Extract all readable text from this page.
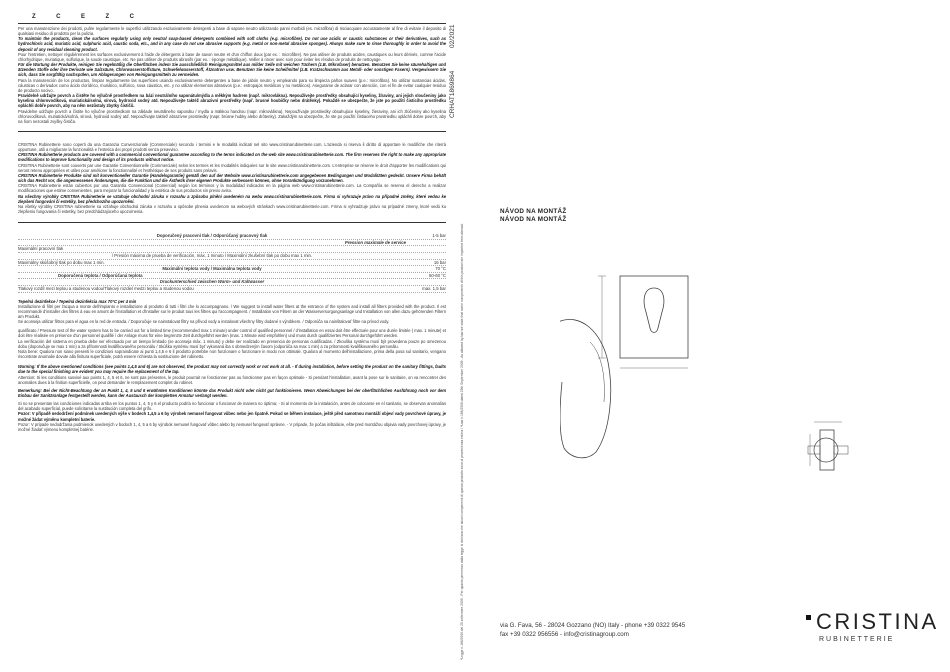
Z C E Z C

Per una manutenzione dei prodotti, pulire regolarmente le superfici utilizzando esclusivamente detergenti a base di sapone neutro utilizzando panni morbidi (es. microfibra) di risciacquare accuratamente al fine di evitare il deposito di qualsiasi residuo di prodotto per la pulizia.

To maintain the products, clean the surfaces regularly using only neutral soap-based detergents combined with soft cloths (e.g. microfibre). Do not use acidic or caustic substances or their derivatives, such as hydrochloric acid, muriatic acid, sulphuric acid, caustic soda, etc., and in any case do not use abrasive supports (e.g. metal or non-metal abrasive sponges). Always make sure to rinse thoroughly in order to avoid the deposit of any residual cleaning product.

Pour l'entretien, nettoyer régulièrement les surfaces exclusivement à l'aide de détergents à base de savon neutre et d'un chiffon doux (par ex. : microfibre). Ne pas utiliser de produits acides, caustiques ou leurs dérivés, comme l'acide chlorhydrique, muriatique, sulfurique, la soude caustique, etc. Ne pas utiliser de produits abrasifs (par ex. : éponge métallique). Veiller à rincer avec soin pour éviter les résidus de produits de nettoyage.

Für die Wartung der Produkte, reinigen Sie regelmäßig die Oberflächen indem Sie ausschließlich Reinigungsmittel aus milder Seife mit weichen Tüchern (z.B. Mikrofaser) benutzen. Benutzen Sie keine säurehaltigen und ätzenden Stoffe oder ihre Derivate wie Salzsäure, Chlorwasserstoffsäure, Schwefelwasserstoff, Ätznatron usw. Benutzen Sie keine Scheifmittel (z.B. Kratzschwamm aus Metall- oder sonstigen Fasern). Vergewissern Sie sich, dass Sie sorgfältig nachspülen, um Ablagerungen von Reinigungsmitteln zu vermeiden.

Para la manutención de los productos, limpiar regularmente las superficies usando exclusivamente detergentes a base de jabón neutro y empleando para su limpieza paños suaves (p.e.: microfibra). No utilizar sustancias ácidas, cáusticas o derivados como ácido clorídrico, muriático, sulfúrico, sosa cáustica, etc. y no utilizar elementos abrasivos (p.e.: estropajos metálicos y no metálicos). Asegurarse de aclarar con atención, con el fin de evitar cualquier residuo de producto nocivo.

Pravidelně udržujte povrch a čistěte ho výlučně prostředkem na bázi neutrálního saponátu/mýdla a měkkým hadrem (např. mikrovlákna). Nepoužívejte prostředky obsahující kyseliny, žíraviny, ani jejich sloučeniny jako kyselina chlorovodíková, muriatická/solná, sírová, hydroxid sodný atd. Nepoužívejte taktéž abrazivní prostředky (např. brusné houbičky nebo drátěnky). Pokaždé se ubezpečte, že jste po použití čisticího prostředku opláchli dobře povrch, aby na něm nezůstaly zbytky čističů.

Pravidelne udržujte povrch a čistite ho výlučne prostriedkom na základe neutrálneho saponátu / mydla a mäkkou handrou (napr. mikrovlákna). Nepoužívajte prostriedky obsahujúce kyseliny, žieraviny, ani ich zlúčeniny ako kyselina chlorovodíková, muriatická/soľná, sírová, hydroxid sodný atď. Nepoužívajte taktiež abrazívne prostriedky (napr. brúsne hubky alebo drôtenky). Zakaždým sa ubezpečte, že ste po použití čistiaceho prostriedku opláchli dobre povrch, aby na ňom nezostali zvyšky čističa.

CRISTINA Rubinetterie sono coperti da una Garanzia Convenzionale (Commerciale) secondo i termini e le modalità indicati nel sito www.cristinarubinetterie.com. L'azienda si riserva il diritto di apportare le modifiche che riterrà opportune, utili a migliorare la funzionalità e l'estetica dei propri prodotti senza preavviso.

CRISTINA Rubinetterie products are covered with a commercial conventional guarantee according to the terms indicated on the web site www.cristinarubinetterie.com. The firm reserves the right to make any appropriate modifications to improve functionality and design of its products without notice.

CRISTINA Rubinetterie sont couverts par une Garantie Conventionnelle (Commerciale) selon les termes et les modalités indiquées sur le site www.cristinarubinetterie.com. L'entreprise se réserve le droit d'apporter les modifications qui seront retenu appropriées et utiles pour améliorer la fonctionnalité et l'esthétique de ses produits sans préavis.

CRISTINA Rubinetterie Produkte sind mit konventioneller Garantie (Handelsgarantie) gemäß den auf der Website www.cristinarubinetterie.com angegebenen Bedingungen und Modalitäten gedeckt. Unsere Firma behält sich das Recht vor, die angemessenen Änderungen, die die Funktion und die Ästhetik ihrer eigenen Produkte verbessern können, ohne Vorankündigung vorzunehmen.

CRISTINA Rubinetterie están cubiertos por una Garantía Convencional (Comercial) según los términos y la modalidad indicados en la página web www.cristinarubinetterie.com. La Compañía se reserva el derecho a realizar modificaciones que estime convenientes, para mejorar la funcionalidad y la estética de sus productos sin previo aviso.

Na všechny výrobky CRISTINA Rubinetterie se vztahuje obchodní záruka v rozsahu a způsobu plnění uvedeném na webu www.cristinarubinetterie.com. Firma si vyhrazuje právo na případné změny, které vedou ke zlepšení fungování či estetiky, bez předchozího upozornění.

Na všetky výrobky CRISTINA rubinetterie sa vzťahuje obchodná záruka v rozsahu a spôsobe plnenia uvedenom na webových stránkach www.cristinarubinetterie.com. Firma si vyhradzuje právo na prípadné zmeny, ktoré vedú ku zlepšeniu fungovania či estetiky, bez predchádzajúceho upozornenia.

Doporučený pracovní tlak / Odporúčaný pracovný tlak	1-5 bar
Pression maximale de service
Maximální pracovní tlak
/ Presión máxima de prueba de verificación, máx. 1 minuto / Maximální zkušební tlak po dobu max 1 min.
Maximálny skúšobný tlak po dobu max 1 min.	16 bar
Maximální teplota vody / Maximálna teplota vody	70 °C
Doporučená teplota / Odporúčaná teplota	50-60 °C
Druckunterschied zwischen Warm- und Kaltwasser
Tlakový rozdíl mezi teplou a studenou vodou/Tlakový rozdiel medzi teplou a studenou vodou	max. 1,5 bar

Tepelná dezinfekce / Tepelná dezinfekcia max 70°C per 4 min

Installazione di filtri per l'acqua a monte dell'impianto e installazione al prodotto di tutti i filtri che lo accompagnano. / We suggest to install water filters at the entrance of the system and install all filters provided with the product. Il est recommandé d'installer des filtres à eau en amont de l'installation et d'installer sur le produit tous les filtres qui l'accompagnent. / Installation von Filtern an der Wasserversorgungsanlage und Installation von allen dazu gehörenden Filtern am Produkt.

Se aconseja utilizar filtros para el agua en la red de entrada. / Doporučuje se nainstalovat filtry na přívod vody a instalovat všechny filtry dodané s výrobkem. / Odporúča sa nainštalovať filtre na prívod vody.

qualificato / Pressure test of the water system has to be carried out for a limited time (recommended max 1 minute) under control of qualified personnel / d'installation en essai doit être effectuée pour une durée limitée ( max. 1 minute) et doit être réalisée en présence d'un personnel qualifié / der Anlage muss für eine begrenzte Zeit durchgeführt werden (max. 1 Minute wird empfohlen) und muss durch qualifiziertes Personal durchgeführt werden.

La verificación del sistema en prueba debe ser efectuado por un tiempo limitado (se aconseja máx. 1 minuto) y debe ser realizado en presencia de personas cualificadas. / Zkouška systému musí být provedena pouze po omezenou dobu (doporučuje se max 1 min) a za přítomnosti kvalifikovaného personálu / Skúška systému musí byť vykonaná iba s obmedzeným časom (odporúča sa max 1 min) a za prítomnosti kvalifikovaného personálu.

Nota bene: Qualora non siano presenti le condizioni sopraindicate ai punti 1,4,5 e 6 il prodotto potrebbe non funzionare o funzionare in modo non ottimale. Qualora al momento dell'installazione, prima della posa sul sanitario, vengano riscontrate anomalie dovute alla finitura superficiale, potrà essere richiesta la sostituzione del rubinetto.

Warning: If the above mentioned conditions (see points 1,4,5 and 6) are not observed, the product may not correctly work or not work at all. - If during installation, before setting the product on the sanitary fittings, faults due to the special finishing are evident you may require the replacement of the tap.

Attention: Si les conditions susvisé aux points 1, 4, 5 et 6, ne sont pas présentes, le produit pourrait ne fonctionner pas ou fonctionner pas en façon optimale - Si pendant l'installation, avant la pose sur le sanitaire, on va rencontrer des anomalies dues à la finition superficielle, on peut demander le remplacement complet du robinet.

Bemerkung: Bei der Nicht-Beachtung der an Punkt 1, 4, 5 und 6 erwähnten Konditionen könnte das Produkt nicht oder nicht gut funktionieren. Wenn Abweichungen bei der oberflächlichen Ausführung noch vor dem Einbau der Sanitäranlage festgestellt werden, kann der Austausch der kompletten Armatur verlangt werden.

Si no se presentan las condiciones indicadas arriba en los puntos 1, 4, 5 y 6 el producto podría no funcionar o funcionar de manera no óptima; - Si al momento de la instalación, antes de colocarse en el sanitario, se observan anomalías del acabado superficial, puede solicitarse la sustitución completa del grifo.

Pozor: V případě nedodržení podmínek uvedených výše v bodech 1,4,5 a 6 by výrobek nemusel fungovat vůbec nebo jen špatně. Pokud se během instalace, ještě před samotnou montáží objeví vady povrchové úpravy, je možné žádat výměnu kompletní baterie.

Pozor: V prípade nedodržania podmienok uvedených v bodoch 1, 4, 5 a 6 by výrobok nemusel fungovať vôbec alebo by nemusel fungovať správne. - V prípade, že počas inštalácie, ešte pred montážou objavia vady povrchovej úpravy, je možné žiadať výmenu kompletnej batérie.

CRHAT1869864
02/2021
*Legge n.166/2009 del 25 settembre 2009 - Per quanto permesso dalla legge si dichiara che alcuni componenti di questo prodotto sono di provenienza estera / *Law n.166/2009 dated 25th September 2009 - As allowed by law we state that some components of this product are imported from abroad.
NÁVOD NA MONTÁŽ
NÁVOD NA MONTÁŽ
via G. Fava, 56 - 28024 Gozzano (NO) Italy - phone +39 0322 9545
fax +39 0322 956556 - info@cristinagroup.com
CRISTINA
RUBINETTERIE
